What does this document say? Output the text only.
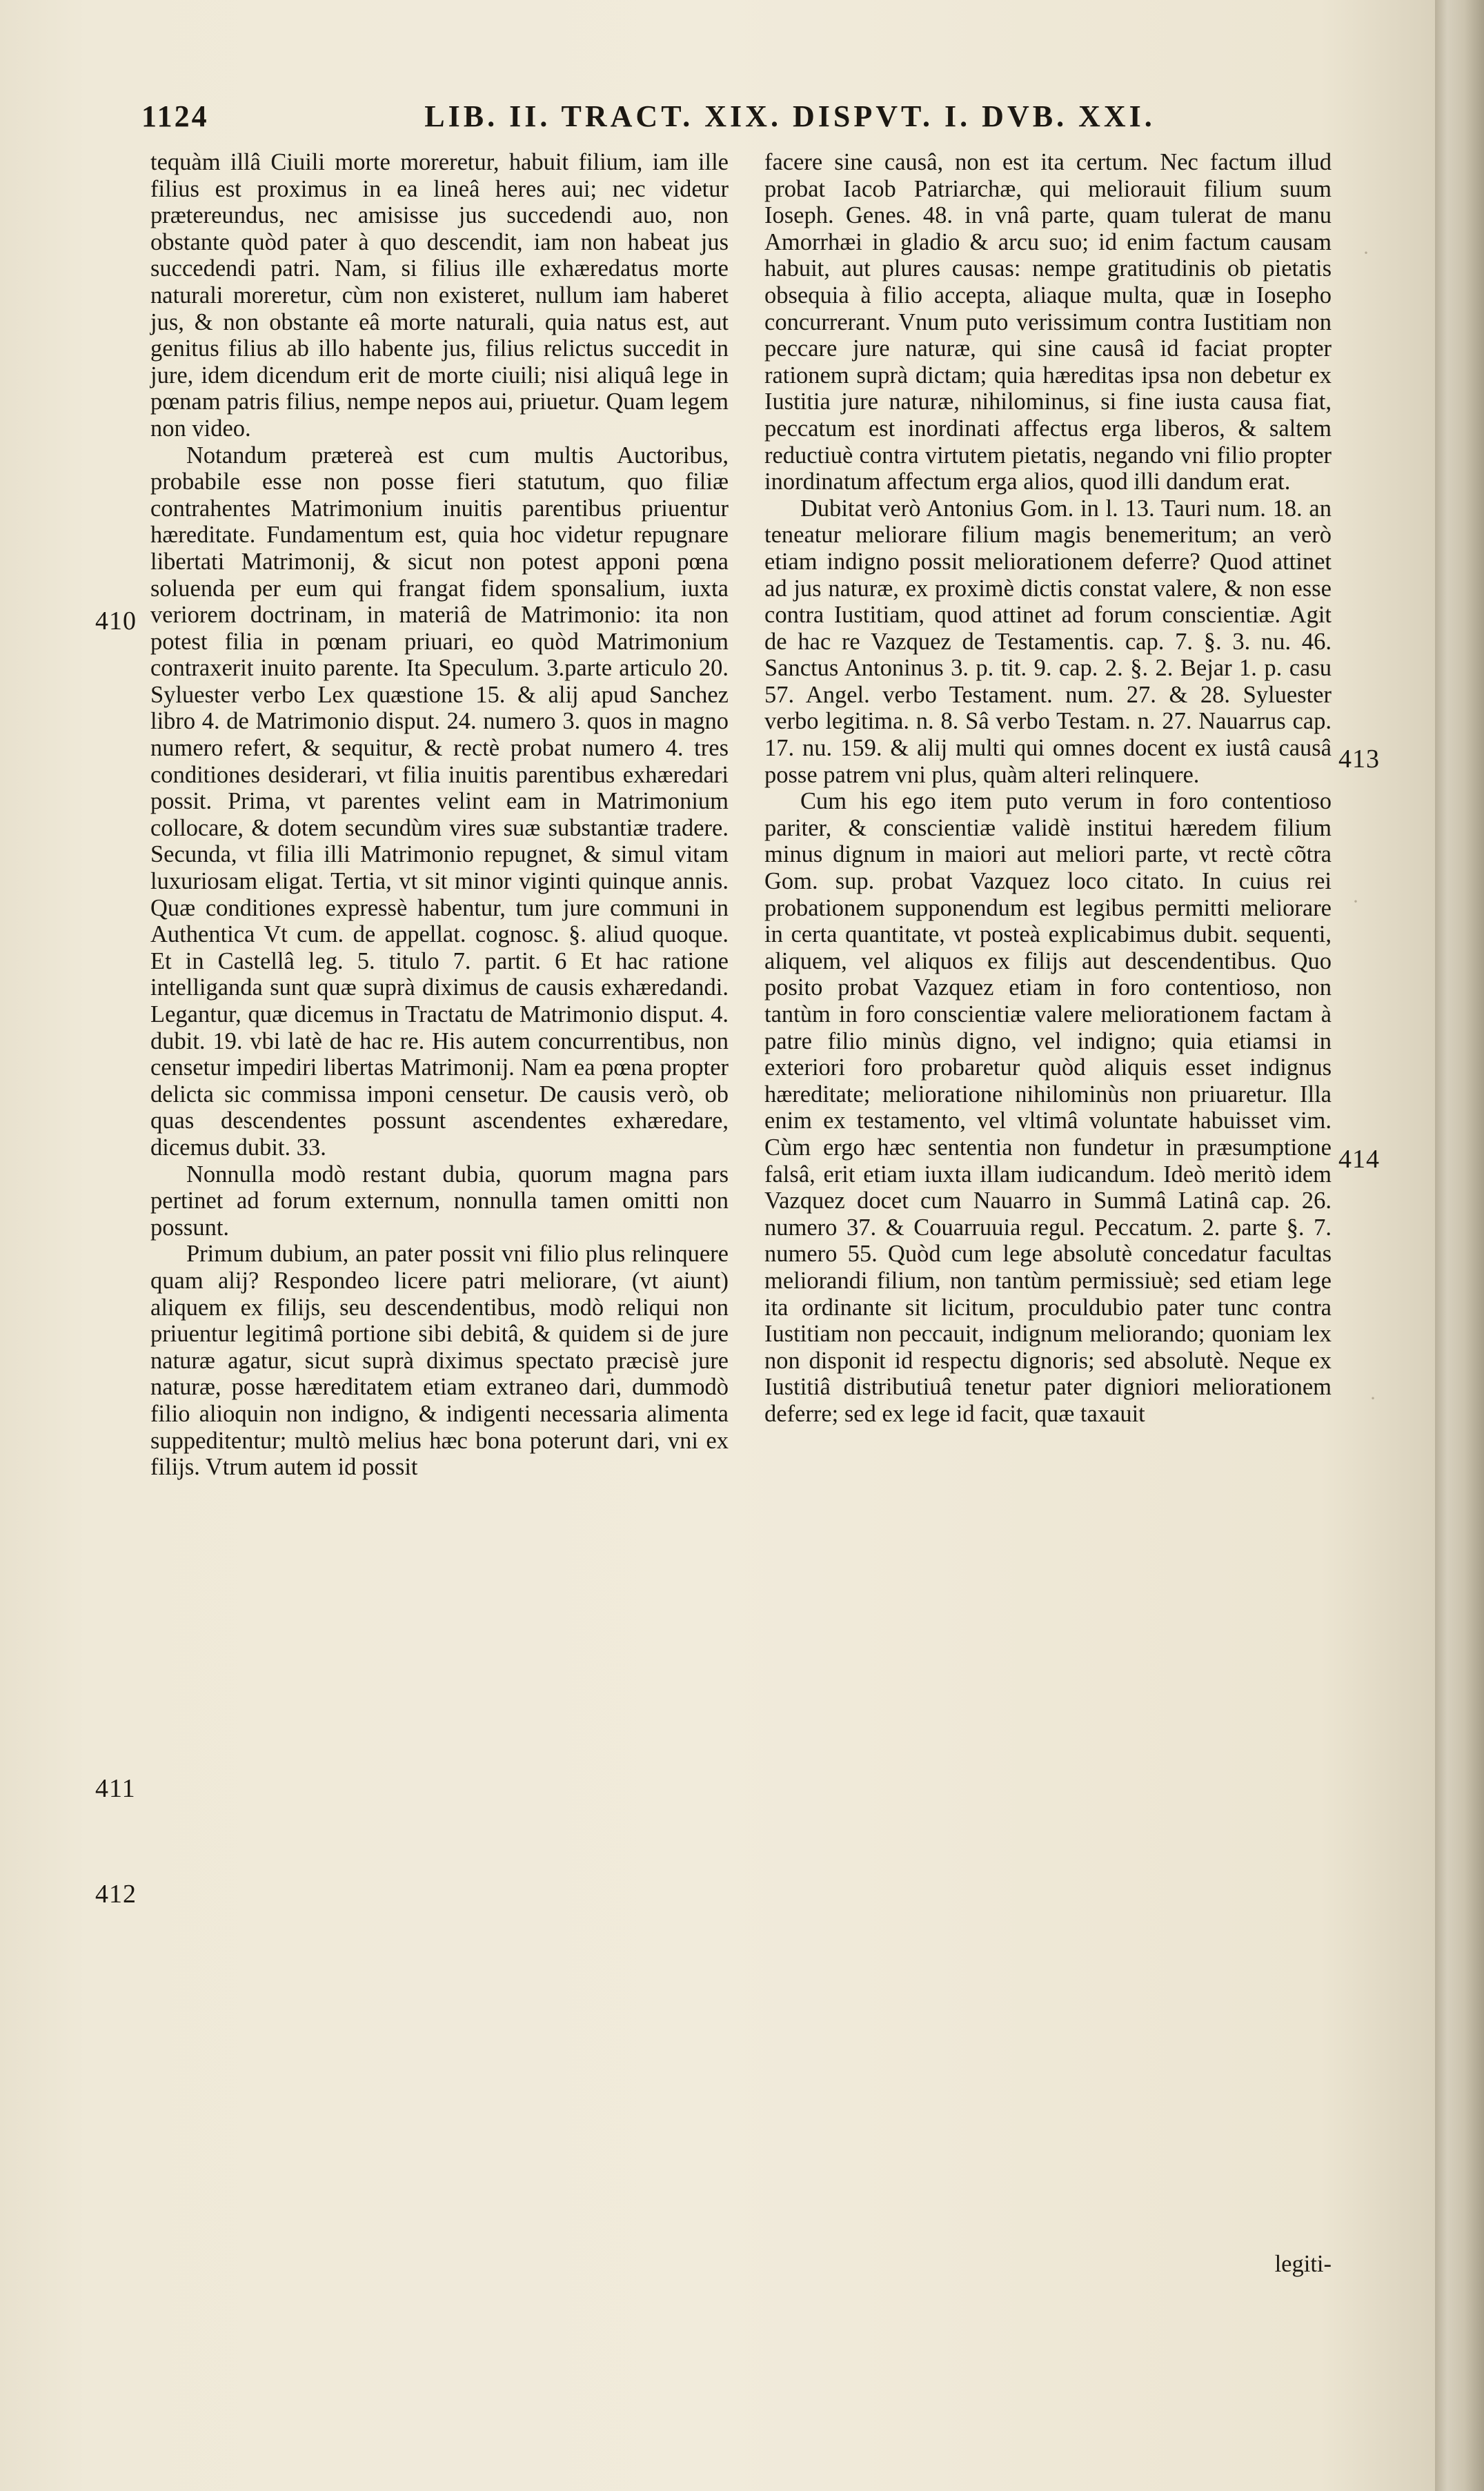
1124	LIB. II. TRACT. XIX. DISPVT. I. DVB. XXI.

tequàm illâ Ciuili morte moreretur, habuit filium, iam ille filius est proximus in ea lineâ heres aui; nec videtur prætereundus, nec amisisse jus succedendi auo, non obstante quòd pater à quo descendit, iam non habeat jus succedendi patri. Nam, si filius ille exhæredatus morte naturali moreretur, cùm non existeret, nullum iam haberet jus, & non obstante eâ morte naturali, quia natus est, aut genitus filius ab illo habente jus, filius relictus succedit in jure, idem dicendum erit de morte ciuili; nisi aliquâ lege in pœnam patris filius, nempe nepos aui, priuetur. Quam legem non video.

Notandum prætereà est cum multis Auctoribus, probabile esse non posse fieri statutum, quo filiæ contrahentes Matrimonium inuitis parentibus priuentur hæreditate. Fundamentum est, quia hoc videtur repugnare libertati Matrimonij, & sicut non potest apponi pœna soluenda per eum qui frangat fidem sponsalium, iuxta veriorem doctrinam, in materiâ de Matrimonio: ita non potest filia in pœnam priuari, eo quòd Matrimonium contraxerit inuito parente. Ita Speculum. 3.parte articulo 20. Syluester verbo Lex quæstione 15. & alij apud Sanchez libro 4. de Matrimonio disput. 24. numero 3. quos in magno numero refert, & sequitur, & rectè probat numero 4. tres conditiones desiderari, vt filia inuitis parentibus exhæredari possit. Prima, vt parentes velint eam in Matrimonium collocare, & dotem secundùm vires suæ substantiæ tradere. Secunda, vt filia illi Matrimonio repugnet, & simul vitam luxuriosam eligat. Tertia, vt sit minor viginti quinque annis. Quæ conditiones expressè habentur, tum jure communi in Authentica Vt cum. de appellat. cognosc. §. aliud quoque. Et in Castellâ leg. 5. titulo 7. partit. 6 Et hac ratione intelliganda sunt quæ suprà diximus de causis exhæredandi. Legantur, quæ dicemus in Tractatu de Matrimonio disput. 4. dubit. 19. vbi latè de hac re. His autem concurrentibus, non censetur impediri libertas Matrimonij. Nam ea pœna propter delicta sic commissa imponi censetur. De causis verò, ob quas descendentes possunt ascendentes exhæredare, dicemus dubit. 33.

Nonnulla modò restant dubia, quorum magna pars pertinet ad forum externum, nonnulla tamen omitti non possunt.

Primum dubium, an pater possit vni filio plus relinquere quam alij? Respondeo licere patri meliorare, (vt aiunt) aliquem ex filijs, seu descendentibus, modò reliqui non priuentur legitimâ portione sibi debitâ, & quidem si de jure naturæ agatur, sicut suprà diximus spectato præcisè jure naturæ, posse hæreditatem etiam extraneo dari, dummodò filio alioquin non indigno, & indigenti necessaria alimenta suppeditentur; multò melius hæc bona poterunt dari, vni ex filijs. Vtrum autem id possit

facere sine causâ, non est ita certum. Nec factum illud probat Iacob Patriarchæ, qui meliorauit filium suum Ioseph. Genes. 48. in vnâ parte, quam tulerat de manu Amorrhæi in gladio & arcu suo; id enim factum causam habuit, aut plures causas: nempe gratitudinis ob pietatis obsequia à filio accepta, aliaque multa, quæ in Iosepho concurrerant. Vnum puto verissimum contra Iustitiam non peccare jure naturæ, qui sine causâ id faciat propter rationem suprà dictam; quia hæreditas ipsa non debetur ex Iustitia jure naturæ, nihilominus, si fine iusta causa fiat, peccatum est inordinati affectus erga liberos, & saltem reductiuè contra virtutem pietatis, negando vni filio propter inordinatum affectum erga alios, quod illi dandum erat.

Dubitat verò Antonius Gom. in l. 13. Tauri num. 18. an teneatur meliorare filium magis benemeritum; an verò etiam indigno possit meliorationem deferre? Quod attinet ad jus naturæ, ex proximè dictis constat valere, & non esse contra Iustitiam, quod attinet ad forum conscientiæ. Agit de hac re Vazquez de Testamentis. cap. 7. §. 3. nu. 46. Sanctus Antoninus 3. p. tit. 9. cap. 2. §. 2. Bejar 1. p. casu 57. Angel. verbo Testament. num. 27. & 28. Syluester verbo legitima. n. 8. Sâ verbo Testam. n. 27. Nauarrus cap. 17. nu. 159. & alij multi qui omnes docent ex iustâ causâ posse patrem vni plus, quàm alteri relinquere.

Cum his ego item puto verum in foro contentioso pariter, & conscientiæ validè institui hæredem filium minus dignum in maiori aut meliori parte, vt rectè cõtra Gom. sup. probat Vazquez loco citato. In cuius rei probationem supponendum est legibus permitti meliorare in certa quantitate, vt posteà explicabimus dubit. sequenti, aliquem, vel aliquos ex filijs aut descendentibus. Quo posito probat Vazquez etiam in foro contentioso, non tantùm in foro conscientiæ valere meliorationem factam à patre filio minùs digno, vel indigno; quia etiamsi in exteriori foro probaretur quòd aliquis esset indignus hæreditate; melioratione nihilominùs non priuaretur. Illa enim ex testamento, vel vltimâ voluntate habuisset vim. Cùm ergo hæc sententia non fundetur in præsumptione falsâ, erit etiam iuxta illam iudicandum. Ideò meritò idem Vazquez docet cum Nauarro in Summâ Latinâ cap. 26. numero 37. & Couarruuia regul. Peccatum. 2. parte §. 7. numero 55. Quòd cum lege absolutè concedatur facultas meliorandi filium, non tantùm permissiuè; sed etiam lege ita ordinante sit licitum, proculdubio pater tunc contra Iustitiam non peccauit, indignum meliorando; quoniam lex non disponit id respectu dignoris; sed absolutè. Neque ex Iustitiâ distributiuâ tenetur pater digniori meliorationem deferre; sed ex lege id facit, quæ taxauit

410
411
412
413
414
·
·
·
legiti-
